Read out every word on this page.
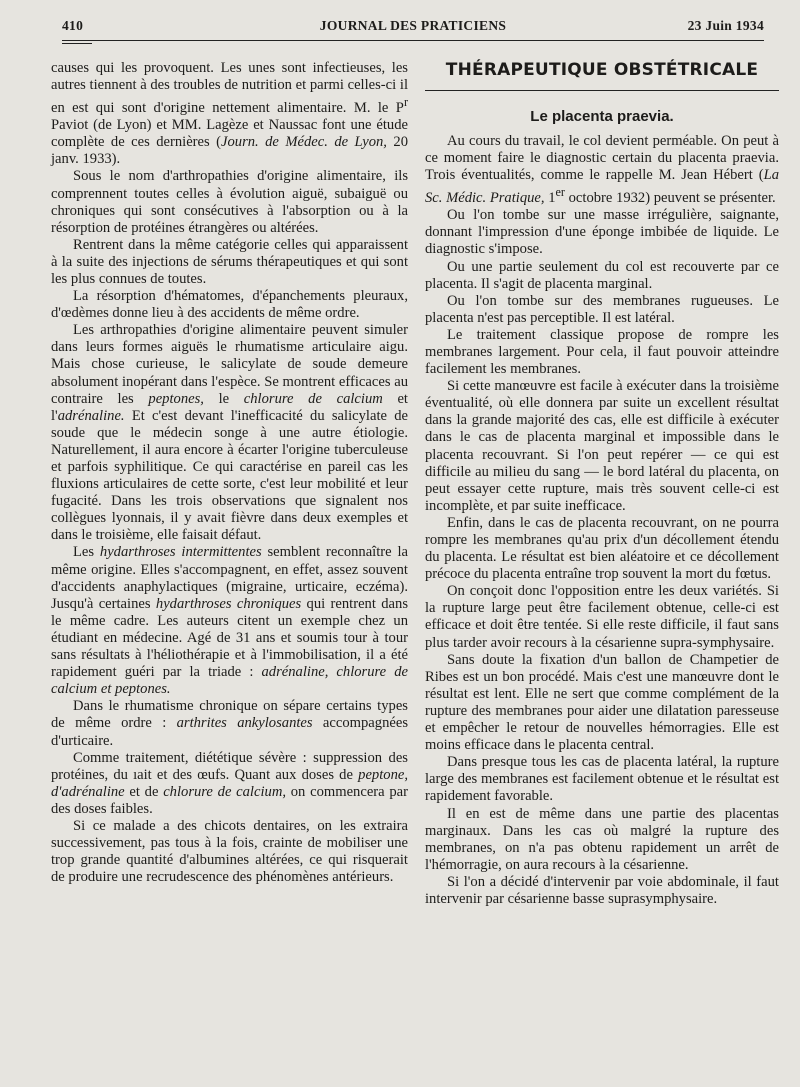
410	JOURNAL DES PRATICIENS	23 Juin 1934

causes qui les provoquent. Les unes sont infectieuses, les autres tiennent à des troubles de nutrition et parmi celles-ci il en est qui sont d'origine nettement alimentaire. M. le $P^r$ Paviot (de Lyon) et MM. Lagèze et Naussac font une étude complète de ces dernières (Journ. de Médec. de Lyon, 20 janv. 1933).

Sous le nom d'arthropathies d'origine alimentaire, ils comprennent toutes celles à évolution aiguë, subaiguë ou chroniques qui sont consécutives à l'absorption ou à la résorption de protéines étrangères ou altérées.

Rentrent dans la même catégorie celles qui apparaissent à la suite des injections de sérums thérapeutiques et qui sont les plus connues de toutes.

La résorption d'hématomes, d'épanchements pleuraux, d'œdèmes donne lieu à des accidents de même ordre.

Les arthropathies d'origine alimentaire peuvent simuler dans leurs formes aiguës le rhumatisme articulaire aigu. Mais chose curieuse, le salicylate de soude demeure absolument inopérant dans l'espèce. Se montrent efficaces au contraire les peptones, le chlorure de calcium et l'adrénaline. Et c'est devant l'inefficacité du salicylate de soude que le médecin songe à une autre étiologie. Naturellement, il aura encore à écarter l'origine tuberculeuse et parfois syphilitique. Ce qui caractérise en pareil cas les fluxions articulaires de cette sorte, c'est leur mobilité et leur fugacité. Dans les trois observations que signalent nos collègues lyonnais, il y avait fièvre dans deux exemples et dans le troisième, elle faisait défaut.

Les hydarthroses intermittentes semblent reconnaître la même origine. Elles s'accompagnent, en effet, assez souvent d'accidents anaphylactiques (migraine, urticaire, eczéma). Jusqu'à certaines hydarthroses chroniques qui rentrent dans le même cadre. Les auteurs citent un exemple chez un étudiant en médecine. Agé de 31 ans et soumis tour à tour sans résultats à l'héliothérapie et à l'immobilisation, il a été rapidement guéri par la triade : adrénaline, chlorure de calcium et peptones.

Dans le rhumatisme chronique on sépare certains types de même ordre : arthrites ankylosantes accompagnées d'urticaire.

Comme traitement, diététique sévère : suppression des protéines, du ıait et des œufs. Quant aux doses de peptone, d'adrénaline et de chlorure de calcium, on commencera par des doses faibles.

Si ce malade a des chicots dentaires, on les extraira successivement, pas tous à la fois, crainte de mobiliser une trop grande quantité d'albumines altérées, ce qui risquerait de produire une recrudescence des phénomènes antérieurs.

THÉRAPEUTIQUE OBSTÉTRICALE
Le placenta praevia.

Au cours du travail, le col devient perméable. On peut à ce moment faire le diagnostic certain du placenta praevia. Trois éventualités, comme le rappelle M. Jean Hébert (La Sc. Médic. Pratique, 1er octobre 1932) peuvent se présenter.

Ou l'on tombe sur une masse irrégulière, saignante, donnant l'impression d'une éponge imbibée de liquide. Le diagnostic s'impose.

Ou une partie seulement du col est recouverte par ce placenta. Il s'agit de placenta marginal.

Ou l'on tombe sur des membranes rugueuses. Le placenta n'est pas perceptible. Il est latéral.

Le traitement classique propose de rompre les membranes largement. Pour cela, il faut pouvoir atteindre facilement les membranes.

Si cette manœuvre est facile à exécuter dans la troisième éventualité, où elle donnera par suite un excellent résultat dans la grande majorité des cas, elle est difficile à exécuter dans le cas de placenta marginal et impossible dans le placenta recouvrant. Si l'on peut repérer — ce qui est difficile au milieu du sang — le bord latéral du placenta, on peut essayer cette rupture, mais très souvent celle-ci est incomplète, et par suite inefficace.

Enfin, dans le cas de placenta recouvrant, on ne pourra rompre les membranes qu'au prix d'un décollement étendu du placenta. Le résultat est bien aléatoire et ce décollement précoce du placenta entraîne trop souvent la mort du fœtus.

On conçoit donc l'opposition entre les deux variétés. Si la rupture large peut être facilement obtenue, celle-ci est efficace et doit être tentée. Si elle reste difficile, il faut sans plus tarder avoir recours à la césarienne supra-symphysaire.

Sans doute la fixation d'un ballon de Champetier de Ribes est un bon procédé. Mais c'est une manœuvre dont le résultat est lent. Elle ne sert que comme complément de la rupture des membranes pour aider une dilatation paresseuse et empêcher le retour de nouvelles hémorragies. Elle est moins efficace dans le placenta central.

Dans presque tous les cas de placenta latéral, la rupture large des membranes est facilement obtenue et le résultat est rapidement favorable.

Il en est de même dans une partie des placentas marginaux. Dans les cas où malgré la rupture des membranes, on n'a pas obtenu rapidement un arrêt de l'hémorragie, on aura recours à la césarienne.

Si l'on a décidé d'intervenir par voie abdominale, il faut intervenir par césarienne basse suprasymphysaire.
